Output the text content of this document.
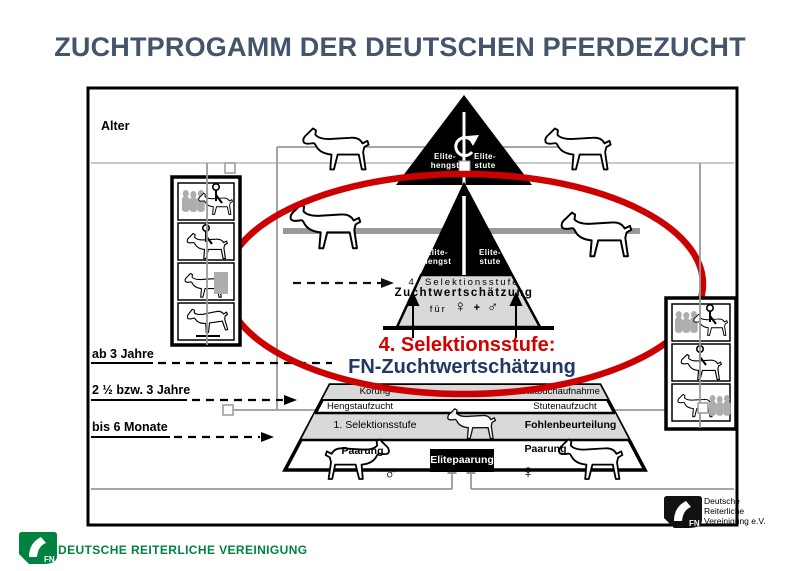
FN
FN
ZUCHTPROGAMM DER DEUTSCHEN PFERDEZUCHT
Alter
ab 3 Jahre
2 ½ bzw. 3 Jahre
bis 6 Monate
Elite-
hengst
Elite-
stute
Elite-
hengst
Elite-
stute
4. Selektionsstufe
Zuchtwertschätzung
für ♀ + ♂
Körung	Stutbuchaufnahme
Hengstaufzucht	Stutenaufzucht
1. Selektionsstufe	Fohlenbeurteilung
Paarung
Elitepaarung
Paarung
♂	♀
Deutsche
Reiterliche
Vereinigung e.V.
DEUTSCHE REITERLICHE VEREINIGUNG
4. Selektionsstufe:
FN-Zuchtwertschätzung
